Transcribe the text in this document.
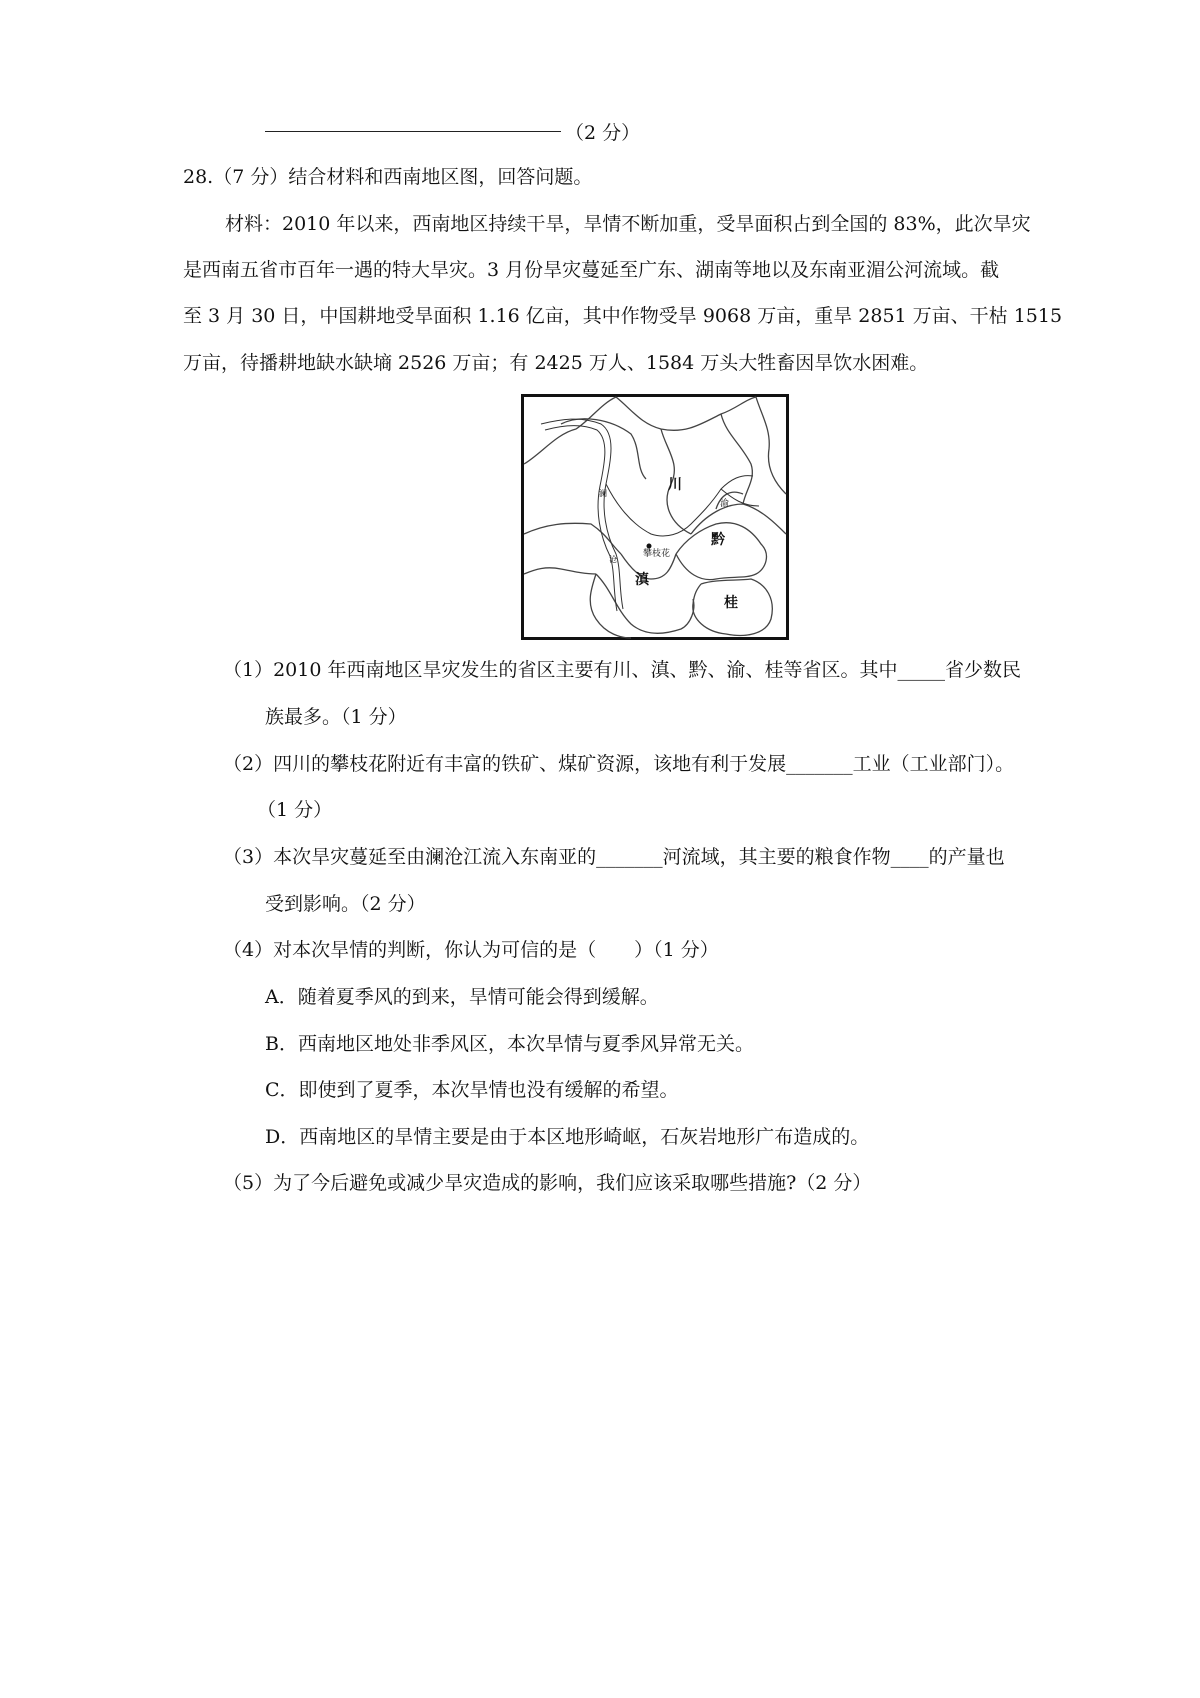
（2 分）
28.（7 分）结合材料和西南地区图，回答问题。
材料：2010 年以来，西南地区持续干旱，旱情不断加重，受旱面积占到全国的 83%，此次旱灾
是西南五省市百年一遇的特大旱灾。3 月份旱灾蔓延至广东、湖南等地以及东南亚湄公河流域。截
至 3 月 30 日，中国耕地受旱面积 1.16 亿亩，其中作物受旱 9068 万亩，重旱 2851 万亩、干枯 1515
万亩，待播耕地缺水缺墒 2526 万亩；有 2425 万人、1584 万头大牲畜因旱饮水困难。
川
滇
黔
桂
渝
攀枝花
澜
沧
（1）2010 年西南地区旱灾发生的省区主要有川、滇、黔、渝、桂等省区。其中_____省少数民
族最多。（1 分）
（2）四川的攀枝花附近有丰富的铁矿、煤矿资源，该地有利于发展_______工业（工业部门）。
（1 分）
（3）本次旱灾蔓延至由澜沧江流入东南亚的_______河流域，其主要的粮食作物____的产量也
受到影响。（2 分）
（4）对本次旱情的判断，你认为可信的是（　　）（1 分）
A．随着夏季风的到来，旱情可能会得到缓解。
B．西南地区地处非季风区，本次旱情与夏季风异常无关。
C．即使到了夏季，本次旱情也没有缓解的希望。
D．西南地区的旱情主要是由于本区地形崎岖，石灰岩地形广布造成的。
（5）为了今后避免或减少旱灾造成的影响，我们应该采取哪些措施?（2 分）
